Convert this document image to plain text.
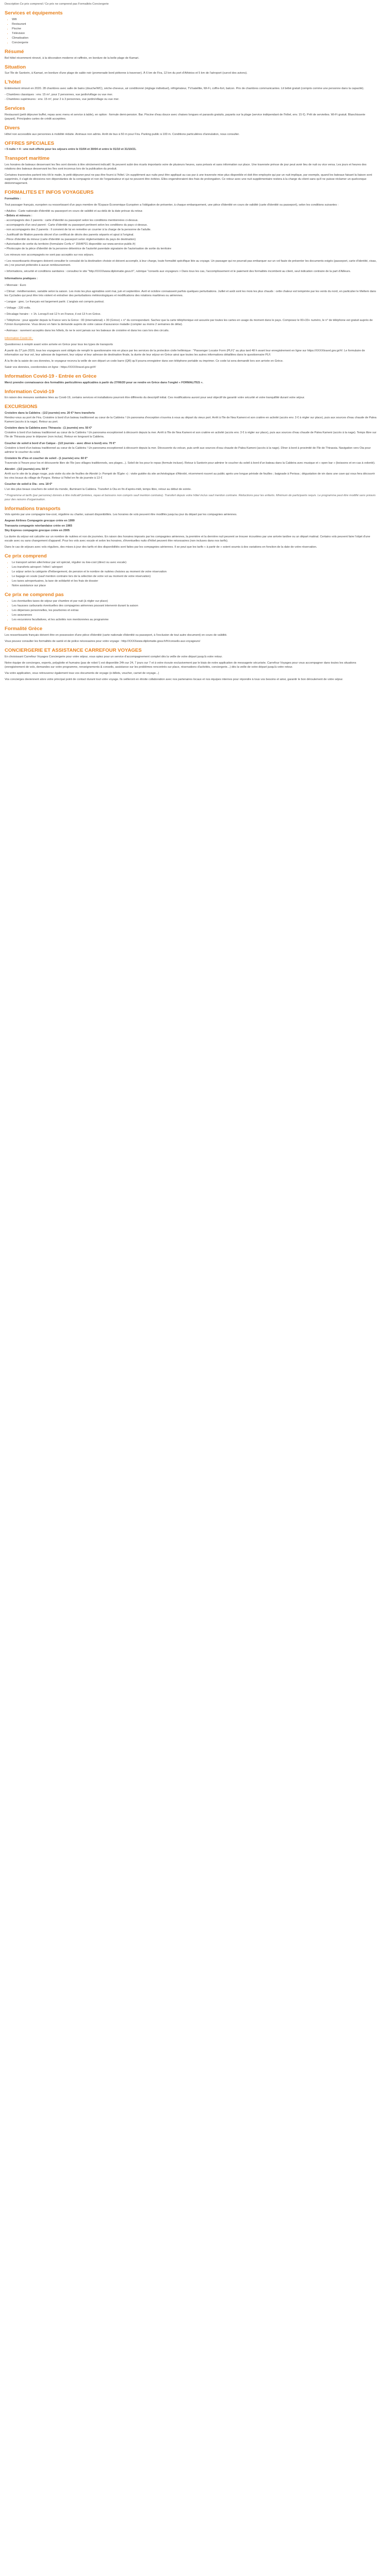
Description Ce prix comprend / Ce prix ne comprend pas Formalités Conciergerie
Services et équipements
• Wifi
• Restaurant
• Piscine
• Télévision
• Climatisation
• Conciergerie
Résumé

Bel hôtel récemment rénové, à la décoration moderne et raffinée, en bordure de la belle plage de Kamari.

Situation

Sur l'île de Santorin, à Kamari, en bordure d'une plage de sable noir (promenade bord piétonne à traverser). À 6 km de Fira, 12 km du port d'Athinios et 5 km de l'aéroport (survol des avions).

L'hôtel

Entièrement rénové en 2020. 28 chambres avec salle de bains (douche/WC), sèche-cheveux, air conditionné (réglage individuel), réfrigérateur, TV/satellite, Wi-Fi, coffre-fort, balcon. Prix de chambres communicantes. Lit bébé gratuit (compris comme une personne dans la capacité).

- Chambres classiques : env. 15 m², pour 2 personnes, vue jardin/village ou vue mer.

- Chambres supérieures : env. 15 m², pour 2 à 3 personnes, vue jardin/village ou vue mer.

Services

Restaurant (petit déjeuner buffet, repas avec menu et service à table), en option : formule demi-pension. Bar. Piscine d'eau douce avec chaises longues et parasols gratuits, payants sur la plage (service indépendant de l'hôtel, env. 15 €). Prêt de serviettes. Wi-Fi gratuit. Blanchisserie (payant). Principales cartes de crédit acceptées.

Divers

Hôtel non accessible aux personnes à mobilité réduite. Animaux non admis. Arrêt de bus à 50 m pour Fira. Parking public à 100 m. Conditions particulières d'annulation, nous consulter.

OFFRES SPECIALES

• 5 nuits = 4 : une nuit offerte pour les séjours entre le 01/04 et 30/04 et entre le 01/10 et 31/10/21.

Transport maritime

Les horaires de bateaux desservant les îles sont donnés à titre strictement indicatif. Ils peuvent subir des écarts importants voire de plusieurs heures, sans préavis et sans information sur place. Une traversée prévue de jour peut avoir lieu de nuit ou vice versa. Les jours et heures des rotations des bateaux desservant les îles sont inconnus lors de la publication du produit.

Certaines traversées partent très tôt le matin, le petit-déjeuner peut ne pas être fourni à l'hôtel. Un supplément aux nuits peut être appliqué au cas par à une traversée mise plus disponible et doit être employée qui par un nuit implique, par exemple, quand les bateaux faisant la liaison sont supprimés, il s'agit de décisions non dépendantes de la compagnie et non de l'organisateur et qui ne peuvent être évitées. Elles engendreraient des frais de prolongation. Ce retour avec une nuit supplémentaire restera à la charge du client sans qu'il ne puisse réclamer un quelconque dédommagement.

FORMALITES ET INFOS VOYAGEURS

Formalités :

Tout passager français, européen ou ressortissant d'un pays membre de l'Espace Économique Européen a l'obligation de présenter, à chaque embarquement, une pièce d'identité en cours de validité (carte d'identité ou passeport), selon les conditions suivantes :

• Adultes : Carte nationale d'identité ou passeport en cours de validité et au-delà de la date prévue du retour.

• Bébés et mineurs :

- accompagnés des 2 parents : carte d'identité ou passeport selon les conditions mentionnées ci-dessus.

- accompagnés d'un seul parent : Carte d'identité ou passeport pertinent selon les conditions du pays ci-dessus.

- non accompagnés des 2 parents : Il convient de lui en remettre un courrier à la charge de la personne de l'adulte.

- Justificatif de filiation parents décret d'un certificat de décès des parents séparés et ajout à l'original.

- Pièce d'identité du mineur (carte d'identité ou passeport selon réglementation du pays de destination)

• Autorisation de sortie du territoire (formulaire Cerfa n° 15646*01 disponible sur www.service-public.fr)

• Photocopie de la pièce d'identité de la personne détentrice de l'autorité parentale signataire de l'autorisation de sortie du territoire

Les mineurs non accompagnés ne sont pas acceptés sur nos séjours.

• Les ressortissants étrangers doivent consulter le consulat de la destination choisie et doivent accomplir, à leur charge, toute formalité spécifique liée au voyage. Un passager qui ne pourrait pas embarquer sur un vol faute de présenter les documents exigés (passeport, carte d'identité, visas, etc.) ne pourrait prétendre à aucun remboursement.

• Informations, sécurité et conditions sanitaires : consultez le site "http://XXXXwww.diplomatie.gouv.fr", rubrique "conseils aux voyageurs > Dans tous les cas, l'accomplissement et le paiement des formalités incombent au client, seul indication contraire de la part d'Ailleurs.

Informations pratiques :

• Monnaie : Euro

• Climat : méditerranéen, variable selon la saison. Les mois les plus agréables sont mai, juin et septembre. Avril et octobre connaissent parfois quelques perturbations. Juillet et août sont les mois les plus chauds : cette chaleur est tempérée par les vents du nord, en particulier le Meltem dans les Cyclades qui peut être très violent et entraîner des perturbations météorologiques et modifications des rotations maritimes ou aériennes.

• Langue : grec. Le français est largement parlé. L'anglais est compris partout.

• Voltage : 220 volts.

• Décalage horaire : + 1h. Lorsqu'il est 12 h en France, il est 13 h en Grèce.

• Téléphone : pour appeler depuis la France vers la Grèce : 00 (international) + 30 (Grèce) + n° du correspondant. Sachez que la carte téléphonique est assurée par toutes les cartes en usage du moment dans le pays. Composez le 00+33+ numéro, le n° de téléphone est gratuit auprès de l'Union Européenne. Vous devez en faire la demande auprès de votre caisse d'assurance maladie (compter au moins 2 semaines de délai).

• Animaux : rarement acceptés dans les hôtels, ils ne le sont jamais sur les bateaux de croisière et dans les cars lors des circuits.

Information Covid-19 :

Questionnez à remplir avant votre arrivée en Grèce pour tous les types de transports

À partir du 27 juin 2020, tous les voyageurs sont obligés de remplir le questionnaire mis en place par les services de la protection civile hellénique : "Passenger Locator Form (PLF)" au plus tard 48 h avant leur enregistrement en ligne sur https://XXXXtravel.gov.gr/#/. Le formulaire de information sur leur vol, leur adresse de logement, leur séjour et leur adresse de destination finale, la durée de leur séjour en Grèce ainsi que toutes les autres informations détaillées dans le questionnaire PLF.

À la fin de la saisie de ces données, le voyageur recevra la veille de son départ un code barre (QR) qu'il pourra enregistrer dans son téléphone portable ou imprimer. Ce code lui sera demandé lors son arrivée en Grèce.

Saisir vos données, coordonnées en ligne : https://XXXXtravel.gov.gr/#/

Information Covid-19 - Entrée en Grèce

Merci prendre connaissance des formalités particulières applicables à partir du 27/06/20 pour se rendre en Grèce dans l'onglet « FORMALITES ».

Information Covid-19

En raison des mesures sanitaires liées au Covid-19, certains services et installations pourront être différents du descriptif initial. Ces modifications auront pour seul objectif de garantir votre sécurité et votre tranquillité durant votre séjour.

EXCURSIONS

Croisière dans la Caldeira - (1/2 journée) env. 20 €* hors transferts

Rendez-vous au port de Fira. Croisière à bord d'un bateau traditionnel au cœur de la Caldeira ! Un panorama d'exception s'ouvrira à vous au départ du vieux port. Arrêt à l'île de Nea Kameni et son cratère en activité (accès env. 3 € à régler sur place), puis aux sources d'eau chaude de Palea Kameni (accès à la nage). Retour au port.

Croisière dans la Caldeira avec Thirassia - (1 journée) env. 50 €*

Croisière à bord d'un bateau traditionnel au cœur de la Caldeira ! Un panorama exceptionnel à découvrir depuis la mer. Arrêt à l'île de Nea Kameni et son cratère en activité (accès env. 3 € à régler sur place), puis aux sources d'eau chaude de Palea Kameni (accès à la nage). Temps libre sur l'île de Thirassia pour le déjeuner (non inclus). Retour en longeant la Caldeira.

Coucher de soleil à bord d'un Caïque - (1/2 journée - avec dîner à bord) env. 70 €*

Croisière à bord d'un bateau traditionnel au cœur de la Caldeira ! Un panorama exceptionnel à découvrir depuis la mer. Découverte du volcan, puis arrêt aux sources d'eau chaude de Palea Kameni (accès à la nage). Dîner à bord à proximité de l'île de Thirassia. Navigation vers Oia pour admirer le coucher du soleil.

Croisière île d'Ios et coucher de soleil - (1 journée) env. 60 €*

Traversée à l'heure pour Ios et découverte libre de l'île (ses villages traditionnels, ses plages...). Soleil de Ios pour le repas (formule incluse). Retour à Santorin pour admirer le coucher du soleil à bord d'un bateau dans la Caldeira avec musique et « open bar » (boissons et en-cas à volonté).

Akrotiri - (1/2 journée) env. 50 €*

Arrêt sur le site de la plage rouge, puis visite du site de fouilles de Akrotiri (« Pompéi de l'Égée ») : visite guidée du site archéologique d'Akrotiri, récemment rouvert au public après une longue période de fouilles ; baignade à Perissa ; dégustation de vin dans une cave qui vous fera découvrir les vins locaux du village de Pyrgos. Retour à l'hôtel en fin de journée à 13 €

Coucher de soleil à Oia - env. 18 €*

L'un des plus beaux couchers de soleil du monde, illuminant la Caldeira. Transfert à Oia en fin d'après-midi, temps libre, retour au début de soirée.

* Programme et tarifs (par personne) donnés à titre indicatif (entrées, repas et boissons non compris sauf mention contraire). Transfert depuis votre hôtel inclus sauf mention contraire. Réductions pour les enfants. Minimum de participants requis. Le programme peut être modifié sans préavis pour des raisons d'organisation.

Informations transports

Vols opérés par une compagnie low-cost, régulière ou charter, suivant disponibilités. Les horaires de vols peuvent être modifiés jusqu'au jour du départ par les compagnies aériennes.

Aegean Airlines Compagnie grecque créée en 1999

Transavia compagnie néerlandaise créée en 1965

Sky Express compagnie grecque créée en 2005

La durée du séjour est calculée sur un nombre de nuitées et non de journées. En raison des horaires imposés par les compagnies aériennes, la première et la dernière nuit peuvent se trouver écourtées par une arrivée tardive ou un départ matinal. Certains vols peuvent faire l'objet d'une escale avec ou sans changement d'appareil. Pour les vols avec escale et selon les horaires, d'éventuelles nuits d'hôtel peuvent être nécessaires (non incluses dans nos tarifs).

Dans le cas de séjours avec vols réguliers, des mises à jour des tarifs et des disponibilités sont faites par les compagnies aériennes. Il se peut que les tarifs « à partir de » soient soumis à des variations en fonction de la date de votre réservation.

Ce prix comprend
• Le transport aérien aller/retour par vol spécial, régulier ou low-cost (direct ou avec escale)
• Les transferts aéroport / hôtel / aéroport
• Le séjour selon la catégorie d'hébergement, de pension et le nombre de nuitées choisies au moment de votre réservation
• Le bagage en soute (sauf mention contraire lors de la sélection de votre vol au moment de votre réservation)
• Les taxes aéroportuaires, la taxe de solidarité et les frais de dossier
• Notre assistance sur place
Ce prix ne comprend pas
• Les éventuelles taxes de séjour par chambre et par nuit (à régler sur place)
• Les hausses carburants éventuelles des compagnies aériennes pouvant intervenir durant la saison
• Les dépenses personnelles, les pourboires et extras
• Les assurances
• Les excursions facultatives, et les activités non mentionnées au programme
Formalité Grèce

Les ressortissants français doivent être en possession d'une pièce d'identité (carte nationale d'identité ou passeport, à l'exclusion de tout autre document) en cours de validité.

Vous pouvez consulter les formalités de santé et de police nécessaires pour votre voyage : http://XXXXwww.diplomatie.gouv.fr/fr/conseils-aux-voyageurs/

CONCIERGERIE ET ASSISTANCE CARREFOUR VOYAGES

En choisissant Carrefour Voyages Conciergerie pour votre séjour, vous optez pour un service d'accompagnement complet dès la veille de votre départ jusqu'à votre retour.

Notre équipe de concierges, experts, polyglotte et humains (pas de robot !) est disponible 24h sur 24, 7 jours sur 7 et à votre écoute exclusivement par le biais de notre application de messagerie sécurisée. Carrefour Voyages pour vous accompagner dans toutes les situations (enregistrement de vols, demandes sur votre programme, renseignements & conseils, assistance sur les problèmes rencontrés sur place, réservations d'activités, conciergerie...) dès la veille de votre départ jusqu'à votre retour.

Via votre application, vous retrouverez également tous vos documents de voyage (e-billets, voucher, carnet de voyage...)

Vos concierges deviennent alors votre principal point de contact durant tout votre voyage. Ils veilleront en étroite collaboration avec nos partenaires locaux et nos équipes internes pour répondre à tous vos besoins et ainsi, garantir le bon déroulement de votre séjour.
